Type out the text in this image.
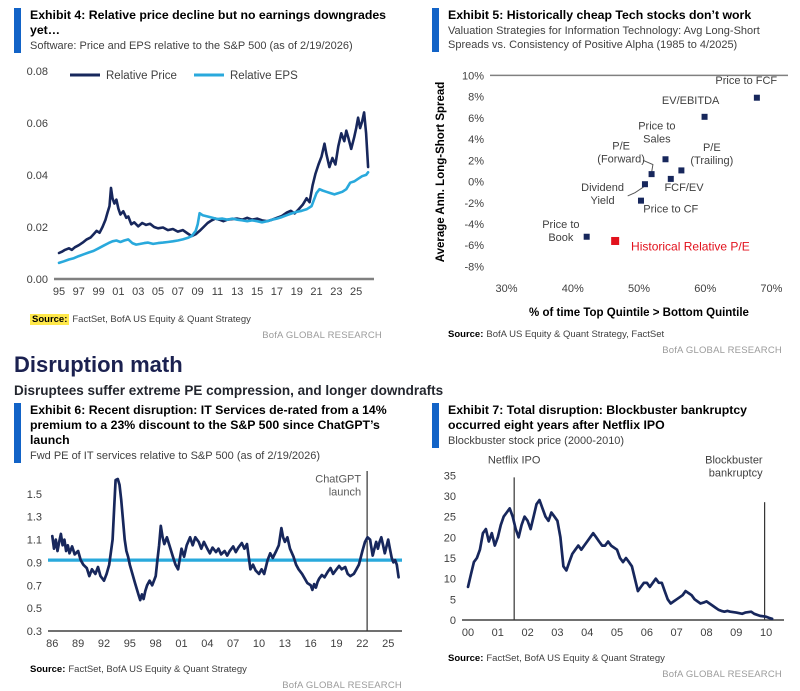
Exhibit 4: Relative price decline but no earnings downgrades yet…
Software: Price and EPS relative to the S&P 500 (as of 2/19/2026)
0.00
0.02
0.04
0.06
0.08
95 97 99 01 03 05 07 09 11 13 15 17 19 21 23 25
Relative Price	Relative EPS
Source: FactSet, BofA US Equity & Quant Strategy
BofA GLOBAL RESEARCH
Exhibit 5: Historically cheap Tech stocks don’t work
Valuation Strategies for Information Technology: Avg Long-Short Spreads vs. Consistency of Positive Alpha (1985 to 4/2025)
10%
8%
6%
4%
2%
0%
-2%
-4%
-6%
-8%
30%	40%	50%	60%	70%
Price to FCF
EV/EBITDA
Price to
Sales
P/E
(Forward)
P/E
(Trailing)
FCF/EV
Dividend
Yield
Price to CF
Price to
Book
Historical Relative P/E
% of time Top Quintile > Bottom Quintile
Average Ann. Long-Short Spread
Source: BofA US Equity & Quant Strategy, FactSet
BofA GLOBAL RESEARCH
Disruption math
Disruptees suffer extreme PE compression, and longer downdrafts
Exhibit 6: Recent disruption: IT Services de-rated from a 14% premium to a 23% discount to the S&P 500 since ChatGPT’s launch
Fwd PE of IT services relative to S&P 500 (as of 2/19/2026)
0.3
0.5
0.7
0.9
1.1
1.3
1.5
86 89 92 95 98 01 04 07 10 13 16 19 22 25
ChatGPT
launch
Source: FactSet, BofA US Equity & Quant Strategy
BofA GLOBAL RESEARCH
Exhibit 7: Total disruption: Blockbuster bankruptcy occurred eight years after Netflix IPO
Blockbuster stock price (2000-2010)
0
5
10
15
20
25
30
35
00 01 02 03 04 05 06 07 08 09 10
Netflix IPO	Blockbuster
bankruptcy
Source: FactSet, BofA US Equity & Quant Strategy
BofA GLOBAL RESEARCH
